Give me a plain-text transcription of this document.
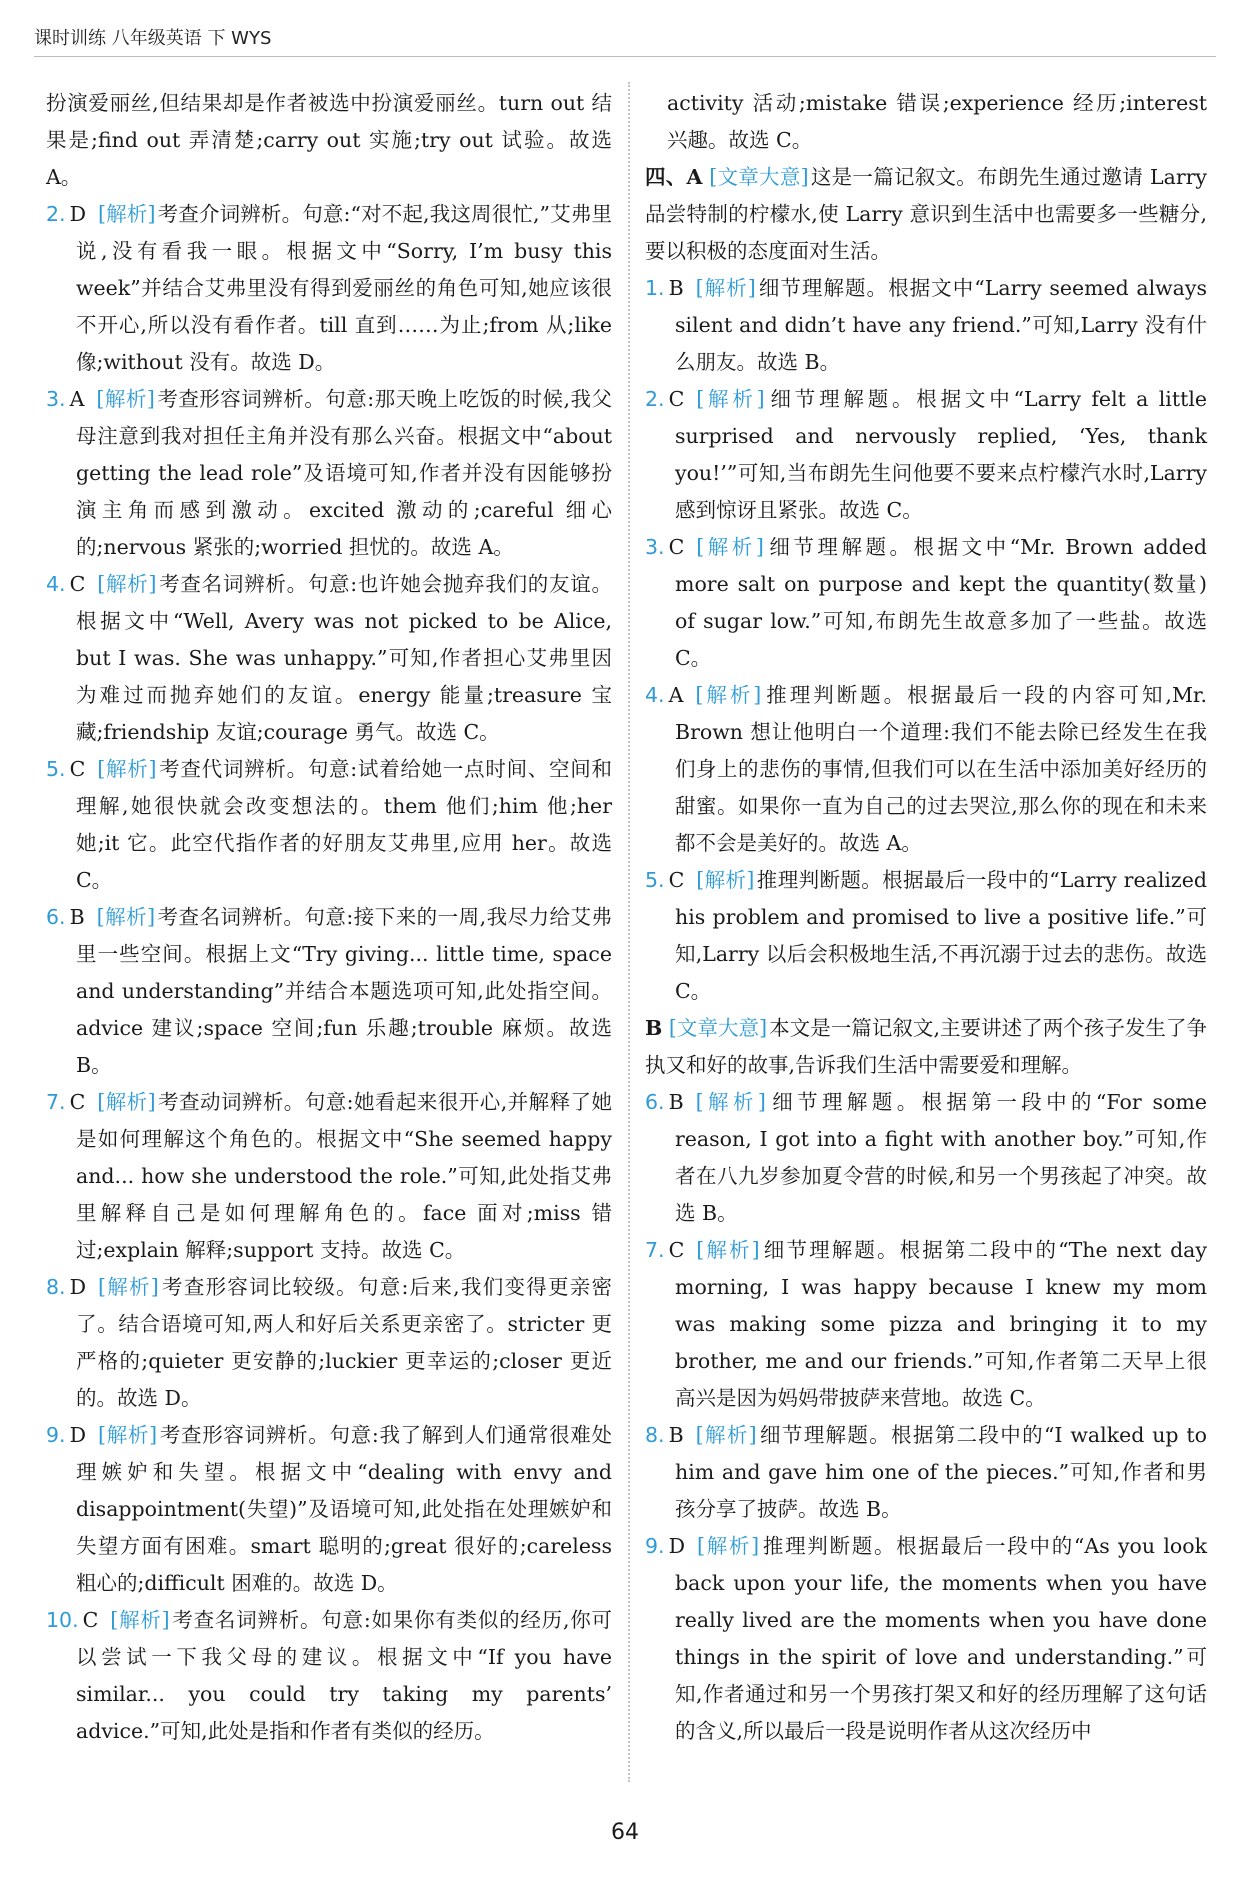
课时训练 八年级英语 下 WYS
扮演爱丽丝,但结果却是作者被选中扮演爱丽丝。turn out 结果是;find out 弄清楚;carry out 实施;try out 试验。故选 A。
2. D [解析]考查介词辨析。句意:“对不起,我这周很忙,”艾弗里说,没有看我一眼。根据文中“Sorry, I’m busy this week”并结合艾弗里没有得到爱丽丝的角色可知,她应该很不开心,所以没有看作者。till 直到……为止;from 从;like 像;without 没有。故选 D。
3. A [解析]考查形容词辨析。句意:那天晚上吃饭的时候,我父母注意到我对担任主角并没有那么兴奋。根据文中“about getting the lead role”及语境可知,作者并没有因能够扮演主角而感到激动。excited 激动的;careful 细心的;nervous 紧张的;worried 担忧的。故选 A。
4. C [解析]考查名词辨析。句意:也许她会抛弃我们的友谊。根据文中“Well, Avery was not picked to be Alice, but I was. She was unhappy.”可知,作者担心艾弗里因为难过而抛弃她们的友谊。energy 能量;treasure 宝藏;friendship 友谊;courage 勇气。故选 C。
5. C [解析]考查代词辨析。句意:试着给她一点时间、空间和理解,她很快就会改变想法的。them 他们;him 他;her 她;it 它。此空代指作者的好朋友艾弗里,应用 her。故选 C。
6. B [解析]考查名词辨析。句意:接下来的一周,我尽力给艾弗里一些空间。根据上文“Try giving... little time, space and understanding”并结合本题选项可知,此处指空间。advice 建议;space 空间;fun 乐趣;trouble 麻烦。故选 B。
7. C [解析]考查动词辨析。句意:她看起来很开心,并解释了她是如何理解这个角色的。根据文中“She seemed happy and... how she understood the role.”可知,此处指艾弗里解释自己是如何理解角色的。face 面对;miss 错过;explain 解释;support 支持。故选 C。
8. D [解析]考查形容词比较级。句意:后来,我们变得更亲密了。结合语境可知,两人和好后关系更亲密了。stricter 更严格的;quieter 更安静的;luckier 更幸运的;closer 更近的。故选 D。
9. D [解析]考查形容词辨析。句意:我了解到人们通常很难处理嫉妒和失望。根据文中“dealing with envy and disappointment(失望)”及语境可知,此处指在处理嫉妒和失望方面有困难。smart 聪明的;great 很好的;careless 粗心的;difficult 困难的。故选 D。
10. C [解析]考查名词辨析。句意:如果你有类似的经历,你可以尝试一下我父母的建议。根据文中“If you have similar... you could try taking my parents’ advice.”可知,此处是指和作者有类似的经历。
activity 活动;mistake 错误;experience 经历;interest 兴趣。故选 C。
四、A [文章大意]这是一篇记叙文。布朗先生通过邀请 Larry 品尝特制的柠檬水,使 Larry 意识到生活中也需要多一些糖分,要以积极的态度面对生活。
1. B [解析]细节理解题。根据文中“Larry seemed always silent and didn’t have any friend.”可知,Larry 没有什么朋友。故选 B。
2. C [解析]细节理解题。根据文中“Larry felt a little surprised and nervously replied, ‘Yes, thank you!’”可知,当布朗先生问他要不要来点柠檬汽水时,Larry 感到惊讶且紧张。故选 C。
3. C [解析]细节理解题。根据文中“Mr. Brown added more salt on purpose and kept the quantity(数量) of sugar low.”可知,布朗先生故意多加了一些盐。故选 C。
4. A [解析]推理判断题。根据最后一段的内容可知,Mr. Brown 想让他明白一个道理:我们不能去除已经发生在我们身上的悲伤的事情,但我们可以在生活中添加美好经历的甜蜜。如果你一直为自己的过去哭泣,那么你的现在和未来都不会是美好的。故选 A。
5. C [解析]推理判断题。根据最后一段中的“Larry realized his problem and promised to live a positive life.”可知,Larry 以后会积极地生活,不再沉溺于过去的悲伤。故选 C。
B [文章大意]本文是一篇记叙文,主要讲述了两个孩子发生了争执又和好的故事,告诉我们生活中需要爱和理解。
6. B [解析]细节理解题。根据第一段中的“For some reason, I got into a fight with another boy.”可知,作者在八九岁参加夏令营的时候,和另一个男孩起了冲突。故选 B。
7. C [解析]细节理解题。根据第二段中的“The next day morning, I was happy because I knew my mom was making some pizza and bringing it to my brother, me and our friends.”可知,作者第二天早上很高兴是因为妈妈带披萨来营地。故选 C。
8. B [解析]细节理解题。根据第二段中的“I walked up to him and gave him one of the pieces.”可知,作者和男孩分享了披萨。故选 B。
9. D [解析]推理判断题。根据最后一段中的“As you look back upon your life, the moments when you have really lived are the moments when you have done things in the spirit of love and understanding.”可知,作者通过和另一个男孩打架又和好的经历理解了这句话的含义,所以最后一段是说明作者从这次经历中
64
